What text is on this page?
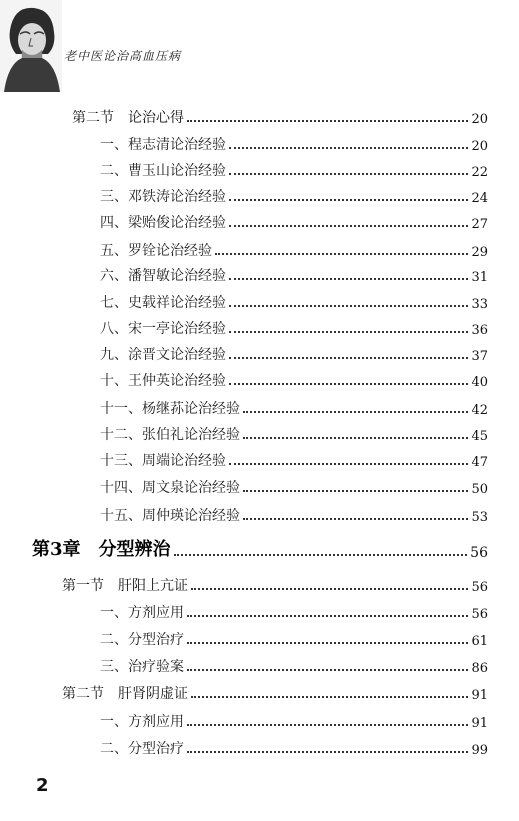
老中医论治高血压病
第二节　论治心得	20
一、程志清论治经验	20
二、曹玉山论治经验	22
三、邓铁涛论治经验	24
四、梁贻俊论治经验	27
五、罗铨论治经验	29
六、潘智敏论治经验	31
七、史载祥论治经验	33
八、宋一亭论治经验	36
九、涂晋文论治经验	37
十、王仲英论治经验	40
十一、杨继荪论治经验	42
十二、张伯礼论治经验	45
十三、周端论治经验	47
十四、周文泉论治经验	50
十五、周仲瑛论治经验	53
第3章　分型辨治	56
第一节　肝阳上亢证	56
一、方剂应用	56
二、分型治疗	61
三、治疗验案	86
第二节　肝肾阴虚证	91
一、方剂应用	91
二、分型治疗	99
2
